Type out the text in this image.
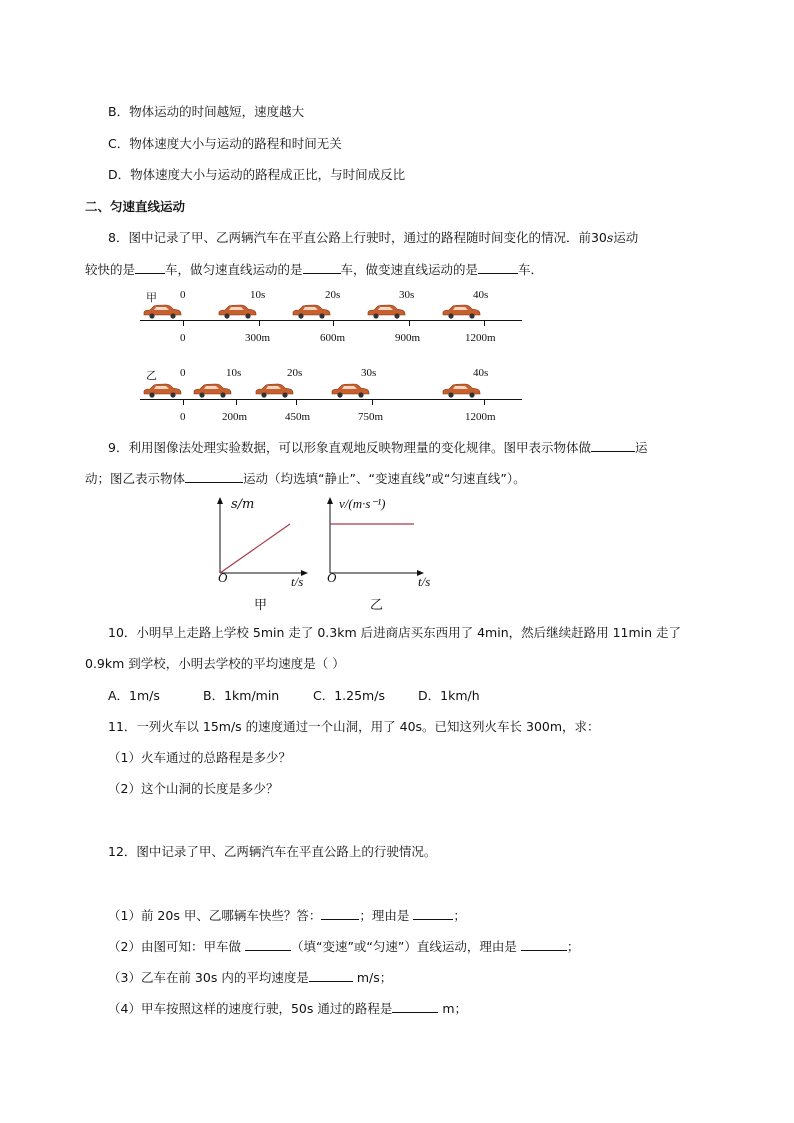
B．物体运动的时间越短，速度越大
C．物体速度大小与运动的路程和时间无关
D．物体速度大小与运动的路程成正比，与时间成反比
二、匀速直线运动
8．图中记录了甲、乙两辆汽车在平直公路上行驶时，通过的路程随时间变化的情况．前30s运动
较快的是 车，做匀速直线运动的是	车，做变速直线运动的是	车．
甲 0	10s	20s	30s	40s
0	300m	600m	900m	1200m
乙 0	10s	20s	30s	40s
0	200m	450m	750m	1200m
9．利用图像法处理实验数据，可以形象直观地反映物理量的变化规律。图甲表示物体做	运
动；图乙表示物体	运动（均选填“静止”、“变速直线”或“匀速直线”）。
s/m
O	t/s
甲
v/(m·s⁻¹)
O	t/s
乙
10．小明早上走路上学校 5min 走了 0.3km 后进商店买东西用了 4min，然后继续赶路用 11min 走了
0.9km 到学校，小明去学校的平均速度是（ ）
A．1m/s	B．1km/min	C．1.25m/s	D．1km/h
11．一列火车以 15m/s 的速度通过一个山洞，用了 40s。已知这列火车长 300m，求：
（1）火车通过的总路程是多少？
（2）这个山洞的长度是多少？
12．图中记录了甲、乙两辆汽车在平直公路上的行驶情况。
（1）前 20s 甲、乙哪辆车快些？答：	；理由是	；
（2）由图可知：甲车做	（填“变速”或“匀速”）直线运动，理由是	；
（3）乙车在前 30s 内的平均速度是	m/s；
（4）甲车按照这样的速度行驶，50s 通过的路程是	m；
